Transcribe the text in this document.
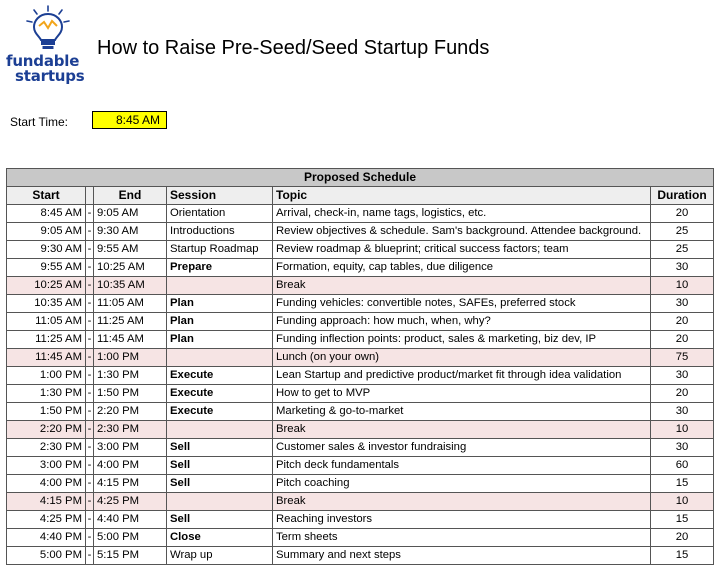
fundable
startups
How to Raise Pre-Seed/Seed Startup Funds
Start Time:	8:45 AM
Proposed Schedule					
Start		End	Session	Topic	Duration
8:45 AM	-	9:05 AM	Orientation	Arrival, check-in, name tags, logistics, etc.	20
9:05 AM	-	9:30 AM	Introductions	Review objectives & schedule. Sam's background. Attendee background.	25
9:30 AM	-	9:55 AM	Startup Roadmap	Review roadmap & blueprint; critical success factors; team	25
9:55 AM	-	10:25 AM	Prepare	Formation, equity, cap tables, due diligence	30
10:25 AM	-	10:35 AM		Break	10
10:35 AM	-	11:05 AM	Plan	Funding vehicles: convertible notes, SAFEs, preferred stock	30
11:05 AM	-	11:25 AM	Plan	Funding approach: how much, when, why?	20
11:25 AM	-	11:45 AM	Plan	Funding inflection points: product, sales & marketing, biz dev, IP	20
11:45 AM	-	1:00 PM		Lunch (on your own)	75
1:00 PM	-	1:30 PM	Execute	Lean Startup and predictive product/market fit through idea validation	30
1:30 PM	-	1:50 PM	Execute	How to get to MVP	20
1:50 PM	-	2:20 PM	Execute	Marketing & go-to-market	30
2:20 PM	-	2:30 PM		Break	10
2:30 PM	-	3:00 PM	Sell	Customer sales & investor fundraising	30
3:00 PM	-	4:00 PM	Sell	Pitch deck fundamentals	60
4:00 PM	-	4:15 PM	Sell	Pitch coaching	15
4:15 PM	-	4:25 PM		Break	10
4:25 PM	-	4:40 PM	Sell	Reaching investors	15
4:40 PM	-	5:00 PM	Close	Term sheets	20
5:00 PM	-	5:15 PM	Wrap up	Summary and next steps	15
